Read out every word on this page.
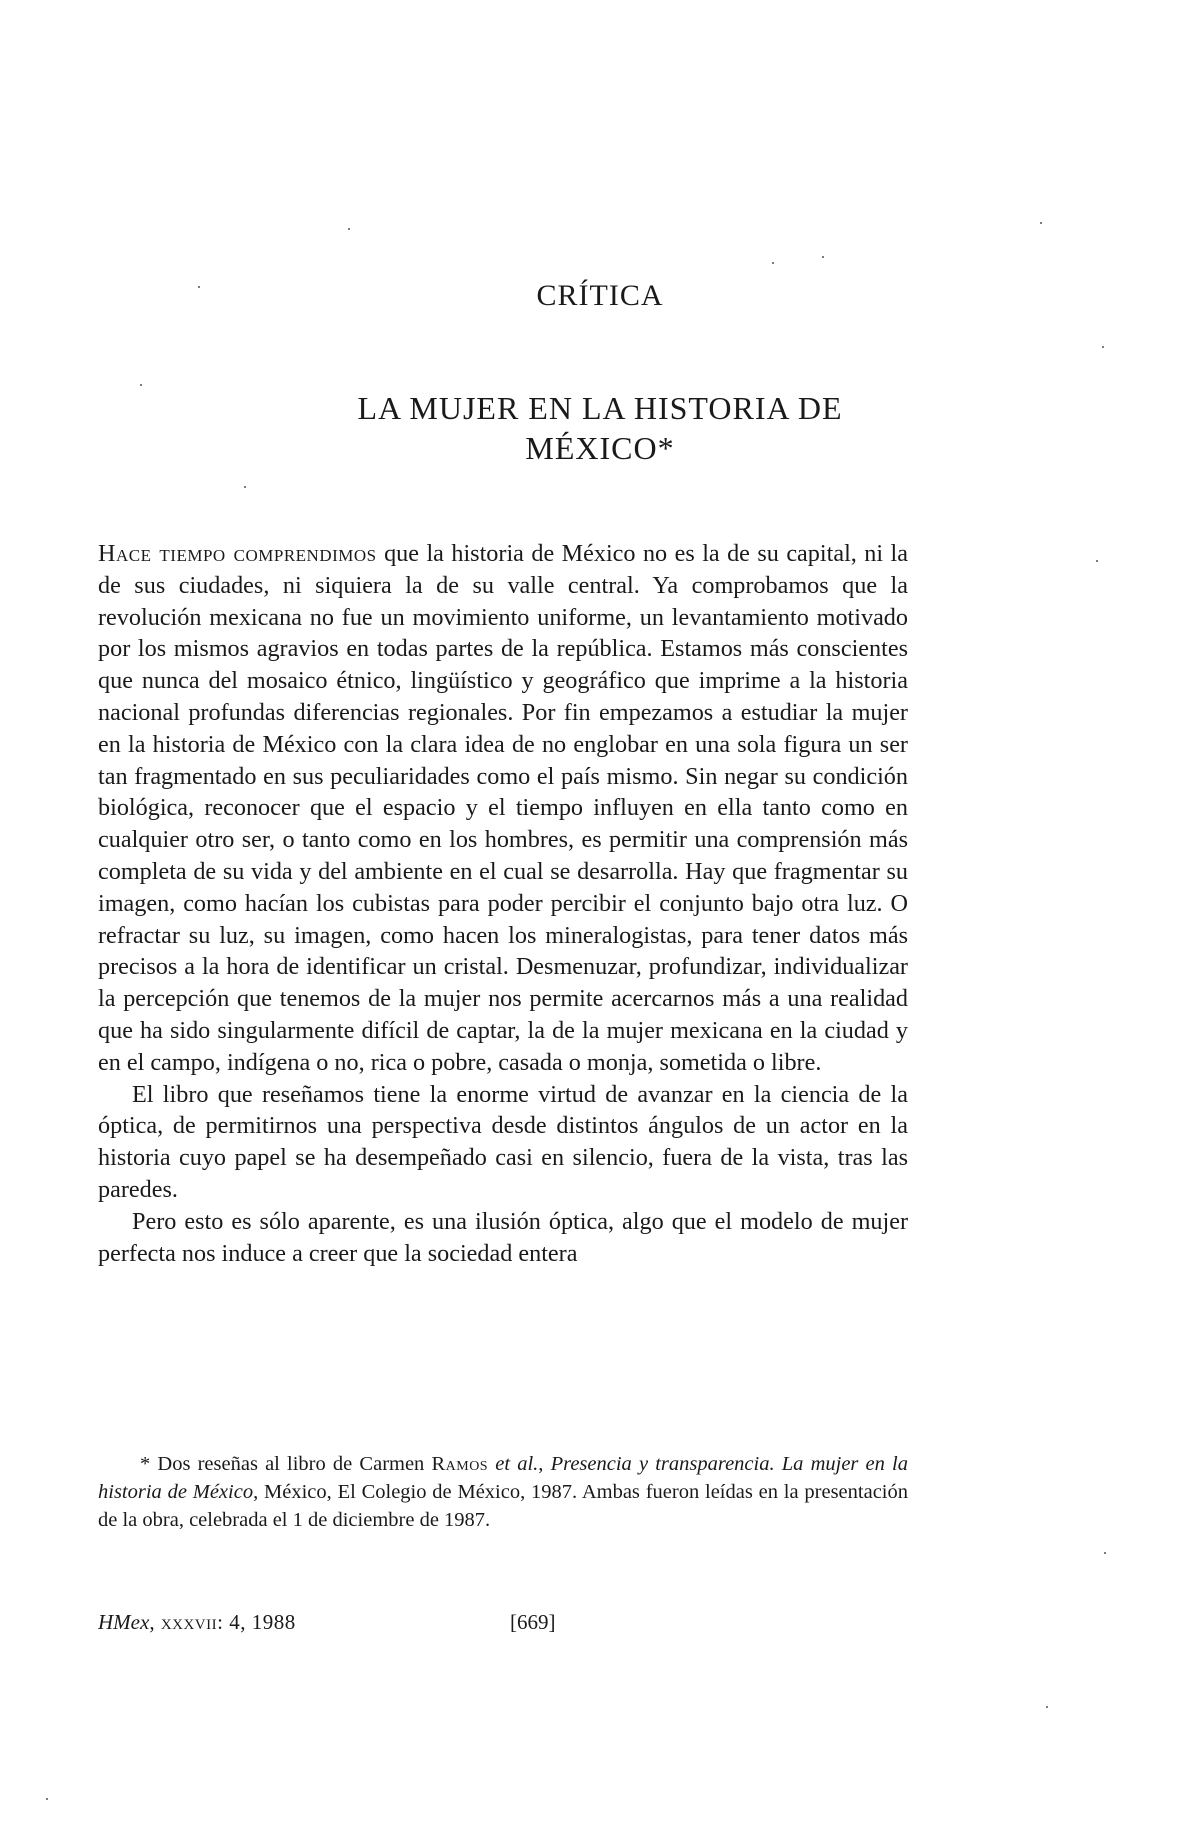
CRÍTICA
LA MUJER EN LA HISTORIA DE
MÉXICO*

Hace tiempo comprendimos que la historia de México no es la de su capital, ni la de sus ciudades, ni siquiera la de su valle central. Ya comprobamos que la revolución mexicana no fue un movimiento uniforme, un levantamiento motivado por los mismos agravios en todas partes de la república. Estamos más conscientes que nunca del mosaico étnico, lingüístico y geográfico que imprime a la historia nacional profundas diferencias regionales. Por fin empezamos a estudiar la mujer en la historia de México con la clara idea de no englobar en una sola figura un ser tan fragmentado en sus peculiaridades como el país mismo. Sin negar su condición biológica, reconocer que el espacio y el tiempo influyen en ella tanto como en cualquier otro ser, o tanto como en los hombres, es permitir una comprensión más completa de su vida y del ambiente en el cual se desarrolla. Hay que fragmentar su imagen, como hacían los cubistas para poder percibir el conjunto bajo otra luz. O refractar su luz, su imagen, como hacen los mineralogistas, para tener datos más precisos a la hora de identificar un cristal. Desmenuzar, profundizar, individualizar la percepción que tenemos de la mujer nos permite acercarnos más a una realidad que ha sido singularmente difícil de captar, la de la mujer mexicana en la ciudad y en el campo, indígena o no, rica o pobre, casada o monja, sometida o libre.

El libro que reseñamos tiene la enorme virtud de avanzar en la ciencia de la óptica, de permitirnos una perspectiva desde distintos ángulos de un actor en la historia cuyo papel se ha desempeñado casi en silencio, fuera de la vista, tras las paredes.

Pero esto es sólo aparente, es una ilusión óptica, algo que el modelo de mujer perfecta nos induce a creer que la sociedad entera

* Dos reseñas al libro de Carmen Ramos et al., Presencia y transparencia. La mujer en la historia de México, México, El Colegio de México, 1987. Ambas fueron leídas en la presentación de la obra, celebrada el 1 de diciembre de 1987.
HMex, xxxvii: 4, 1988	[669]
